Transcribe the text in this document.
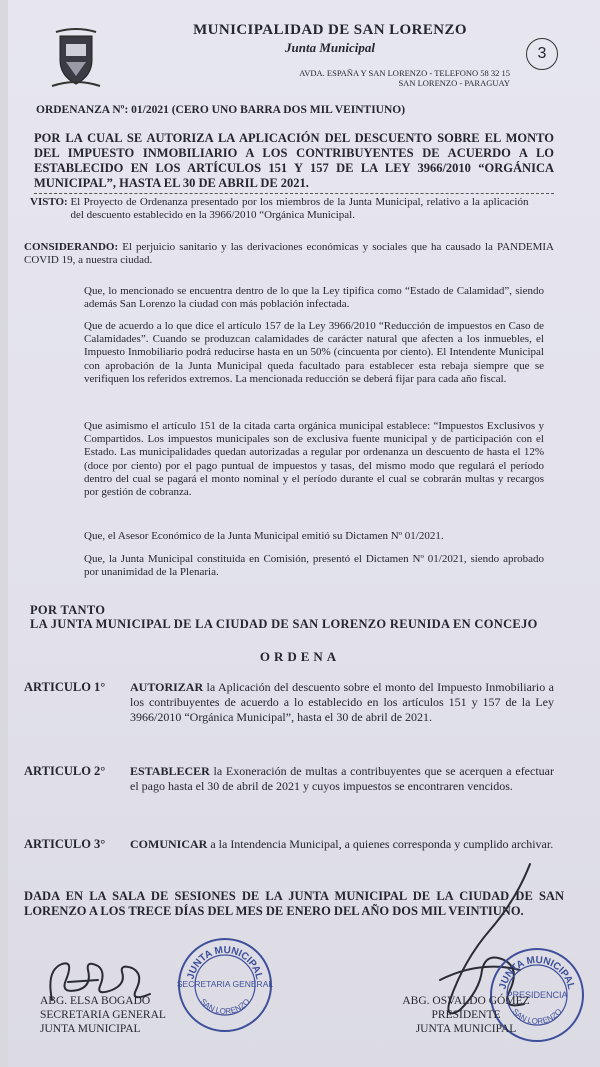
MUNICIPALIDAD DE SAN LORENZO
Junta Municipal
AVDA. ESPAÑA Y SAN LORENZO - TELEFONO 58 32 15
SAN LORENZO - PARAGUAY
3
ORDENANZA Nº: 01/2021 (CERO UNO BARRA DOS MIL VEINTIUNO)
POR LA CUAL SE AUTORIZA LA APLICACIÓN DEL DESCUENTO SOBRE EL MONTO DEL IMPUESTO INMOBILIARIO A LOS CONTRIBUYENTES DE ACUERDO A LO ESTABLECIDO EN LOS ARTÍCULOS 151 Y 157 DE LA LEY 3966/2010 “ORGÁNICA MUNICIPAL”, HASTA EL 30 DE ABRIL DE 2021.
VISTO: El Proyecto de Ordenanza presentado por los miembros de la Junta Municipal, relativo a la aplicación del descuento establecido en la 3966/2010 “Orgánica Municipal.
CONSIDERANDO: El perjuicio sanitario y las derivaciones económicas y sociales que ha causado la PANDEMIA COVID 19, a nuestra ciudad.
Que, lo mencionado se encuentra dentro de lo que la Ley tipifica como “Estado de Calamidad”, siendo además San Lorenzo la ciudad con más población infectada.
Que de acuerdo a lo que dice el artículo 157 de la Ley 3966/2010 “Reducción de impuestos en Caso de Calamidades”. Cuando se produzcan calamidades de carácter natural que afecten a los inmuebles, el Impuesto Inmobiliario podrá reducirse hasta en un 50% (cincuenta por ciento). El Intendente Municipal con aprobación de la Junta Municipal queda facultado para establecer esta rebaja siempre que se verifiquen los referidos extremos. La mencionada reducción se deberá fijar para cada año fiscal.
Que asimismo el artículo 151 de la citada carta orgánica municipal establece: “Impuestos Exclusivos y Compartidos. Los impuestos municipales son de exclusiva fuente municipal y de participación con el Estado. Las municipalidades quedan autorizadas a regular por ordenanza un descuento de hasta el 12% (doce por ciento) por el pago puntual de impuestos y tasas, del mismo modo que regulará el período dentro del cual se pagará el monto nominal y el período durante el cual se cobrarán multas y recargos por gestión de cobranza.
Que, el Asesor Económico de la Junta Municipal emitió su Dictamen Nº 01/2021.
Que, la Junta Municipal constituida en Comisión, presentó el Dictamen Nº 01/2021, siendo aprobado por unanimidad de la Plenaria.
POR TANTO
LA JUNTA MUNICIPAL DE LA CIUDAD DE SAN LORENZO REUNIDA EN CONCEJO
ORDENA
ARTICULO 1° AUTORIZAR la Aplicación del descuento sobre el monto del Impuesto Inmobiliario a los contribuyentes de acuerdo a lo establecido en los artículos 151 y 157 de la Ley 3966/2010 “Orgánica Municipal”, hasta el 30 de abril de 2021.
ARTICULO 2° ESTABLECER la Exoneración de multas a contribuyentes que se acerquen a efectuar el pago hasta el 30 de abril de 2021 y cuyos impuestos se encontraren vencidos.
ARTICULO 3° COMUNICAR a la Intendencia Municipal, a quienes corresponda y cumplido archivar.
DADA EN LA SALA DE SESIONES DE LA JUNTA MUNICIPAL DE LA CIUDAD DE SAN LORENZO A LOS TRECE DÍAS DEL MES DE ENERO DEL AÑO DOS MIL VEINTIUNO.
JUNTA MUNICIPAL
SECRETARIA GENERAL
SAN LORENZO
ABG. ELSA BOGADO
SECRETARIA GENERAL
JUNTA MUNICIPAL
JUNTA MUNICIPAL
PRESIDENCIA
SAN LORENZO
ABG. OSVALDO GÓMEZ
PRESIDENTE
JUNTA MUNICIPAL
